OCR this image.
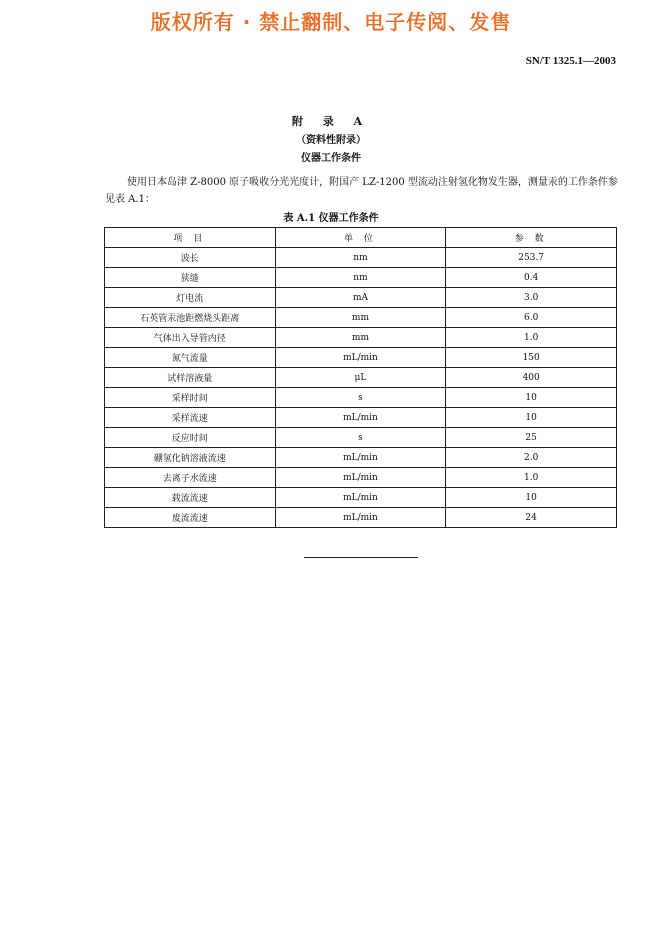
版权所有 · 禁止翻制、电子传阅、发售
SN/T 1325.1—2003
附 录 A
（资料性附录）
仪器工作条件
使用日本岛津 Z-8000 原子吸收分光光度计，附国产 LZ-1200 型流动注射氢化物发生器，测量汞的工作条件参见表 A.1：
表 A.1 仪器工作条件
项 目	单 位	参 数
波长	nm	253.7
狭缝	nm	0.4
灯电流	mA	3.0
石英管汞池距燃烧头距离	mm	6.0
气体出入导管内径	mm	1.0
氮气流量	mL/min	150
试样溶液量	μL	400
采样时间	s	10
采样流速	mL/min	10
反应时间	s	25
硼氢化钠溶液流速	mL/min	2.0
去离子水流速	mL/min	1.0
载流流速	mL/min	10
废流流速	mL/min	24
